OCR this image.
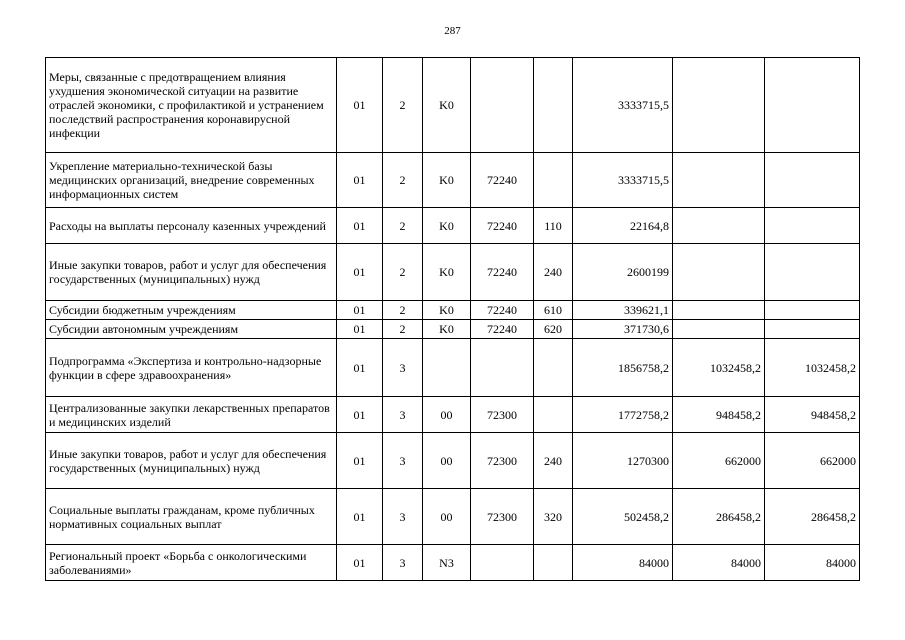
287
Меры, связанные с предотвращением влияния ухудшения экономической ситуации на развитие отраслей экономики, с профилактикой и устранением последствий распространения коронавирусной инфекции	01	2	K0			3333715,5		
Укрепление материально-технической базы медицинских организаций, внедрение современных информационных систем	01	2	K0	72240		3333715,5		
Расходы на выплаты персоналу казенных учреждений	01	2	K0	72240	110	22164,8		
Иные закупки товаров, работ и услуг для обеспечения государственных (муниципальных) нужд	01	2	K0	72240	240	2600199		
Субсидии бюджетным учреждениям	01	2	K0	72240	610	339621,1		
Субсидии автономным учреждениям	01	2	K0	72240	620	371730,6		
Подпрограмма «Экспертиза и контрольно-надзорные функции в сфере здравоохранения»	01	3				1856758,2	1032458,2	1032458,2
Централизованные закупки лекарственных препаратов и медицинских изделий	01	3	00	72300		1772758,2	948458,2	948458,2
Иные закупки товаров, работ и услуг для обеспечения государственных (муниципальных) нужд	01	3	00	72300	240	1270300	662000	662000
Социальные выплаты гражданам, кроме публичных нормативных социальных выплат	01	3	00	72300	320	502458,2	286458,2	286458,2
Региональный проект «Борьба с онкологическими заболеваниями»	01	3	N3			84000	84000	84000
